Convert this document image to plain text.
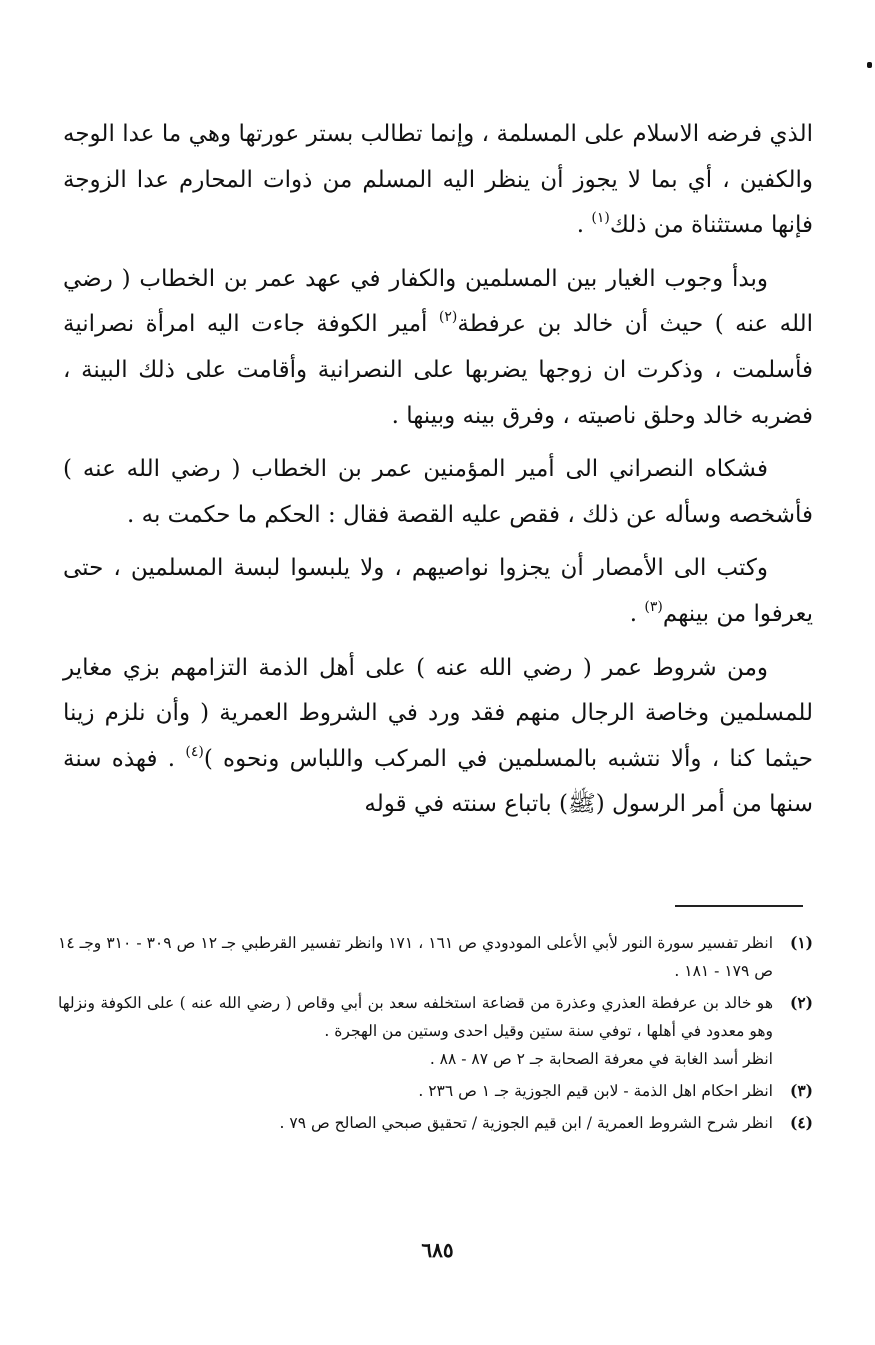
الذي فرضه الاسلام على المسلمة ، وإنما تطالب بستر عورتها وهي ما عدا الوجه والكفين ، أي بما لا يجوز أن ينظر اليه المسلم من ذوات المحارم عدا الزوجة فإنها مستثناة من ذلك$^{(١)}$ .

وبدأ وجوب الغيار بين المسلمين والكفار في عهد عمر بن الخطاب ( رضي الله عنه ) حيث أن خالد بن عرفطة$^{(٢)}$ أمير الكوفة جاءت اليه امرأة نصرانية فأسلمت ، وذكرت ان زوجها يضربها على النصرانية وأقامت على ذلك البينة ، فضربه خالد وحلق ناصيته ، وفرق بينه وبينها .

فشكاه النصراني الى أمير المؤمنين عمر بن الخطاب ( رضي الله عنه ) فأشخصه وسأله عن ذلك ، فقص عليه القصة فقال : الحكم ما حكمت به .

وكتب الى الأمصار أن يجزوا نواصيهم ، ولا يلبسوا لبسة المسلمين ، حتى يعرفوا من بينهم$^{(٣)}$ .

ومن شروط عمر ( رضي الله عنه ) على أهل الذمة التزامهم بزي مغاير للمسلمين وخاصة الرجال منهم فقد ورد في الشروط العمرية ( وأن نلزم زينا حيثما كنا ، وألا نتشبه بالمسلمين في المركب واللباس ونحوه )$^{(٤)}$ . فهذه سنة سنها من أمر الرسول (ﷺ) باتباع سنته في قوله

(١)
انظر تفسير سورة النور لأبي الأعلى المودودي ص ١٦١ ، ١٧١ وانظر تفسير القرطبي جـ ١٢ ص ٣٠٩ - ٣١٠ وجـ ١٤ ص ١٧٩ - ١٨١ .
(٢)
هو خالد بن عرفطة العذري وعذرة من قضاعة استخلفه سعد بن أبي وقاص ( رضي الله عنه ) على الكوفة ونزلها وهو معدود في أهلها ، توفي سنة ستين وقيل احدى وستين من الهجرة .
انظر أسد الغابة في معرفة الصحابة جـ ٢ ص ٨٧ - ٨٨ .
(٣)
انظر احكام اهل الذمة - لابن قيم الجوزية جـ ١ ص ٢٣٦ .
(٤)
انظر شرح الشروط العمرية / ابن قيم الجوزية / تحقيق صبحي الصالح ص ٧٩ .
٦٨٥
